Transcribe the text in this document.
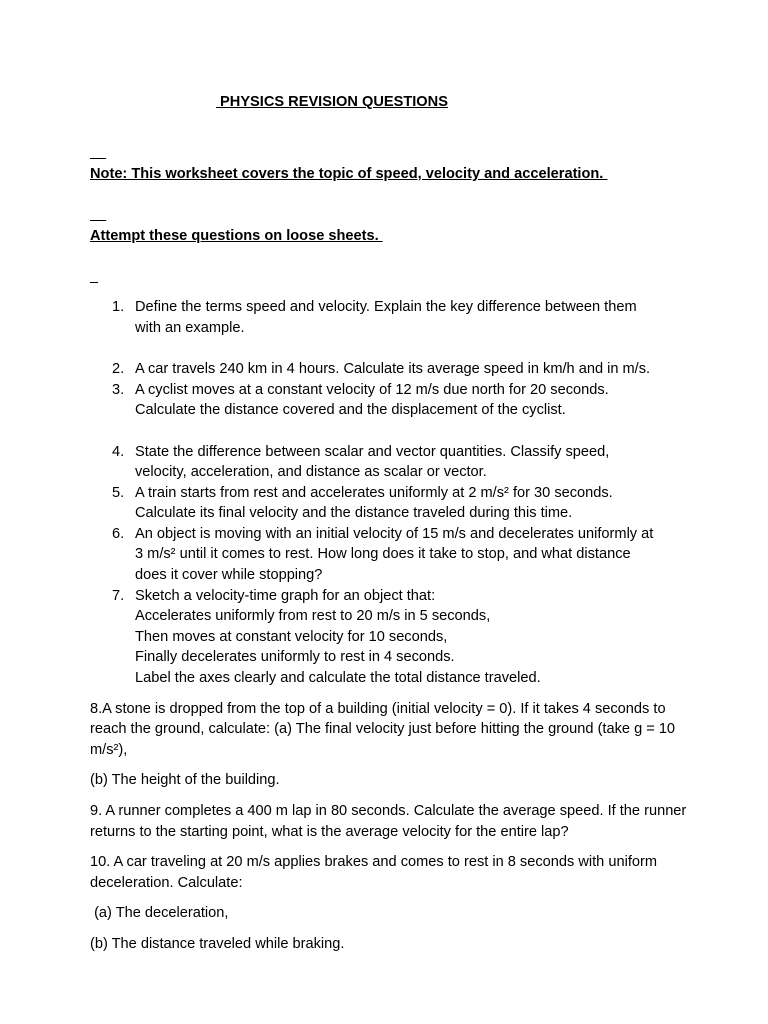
PHYSICS REVISION QUESTIONS

Note: This worksheet covers the topic of speed, velocity and acceleration.

Attempt these questions on loose sheets.

1. Define the terms speed and velocity. Explain the key difference between them
with an example.
2. A car travels 240 km in 4 hours. Calculate its average speed in km/h and in m/s.
3. A cyclist moves at a constant velocity of 12 m/s due north for 20 seconds.
Calculate the distance covered and the displacement of the cyclist.
4. State the difference between scalar and vector quantities. Classify speed,
velocity, acceleration, and distance as scalar or vector.
5. A train starts from rest and accelerates uniformly at 2 m/s² for 30 seconds.
Calculate its final velocity and the distance traveled during this time.
6. An object is moving with an initial velocity of 15 m/s and decelerates uniformly at
3 m/s² until it comes to rest. How long does it take to stop, and what distance
does it cover while stopping?
7. Sketch a velocity-time graph for an object that:
Accelerates uniformly from rest to 20 m/s in 5 seconds,
Then moves at constant velocity for 10 seconds,
Finally decelerates uniformly to rest in 4 seconds.
Label the axes clearly and calculate the total distance traveled.

8.A stone is dropped from the top of a building (initial velocity = 0). If it takes 4 seconds to reach the ground, calculate: (a) The final velocity just before hitting the ground (take g = 10 m/s²),

(b) The height of the building.

9. A runner completes a 400 m lap in 80 seconds. Calculate the average speed. If the runner returns to the starting point, what is the average velocity for the entire lap?

10. A car traveling at 20 m/s applies brakes and comes to rest in 8 seconds with uniform deceleration. Calculate:

(a) The deceleration,

(b) The distance traveled while braking.
